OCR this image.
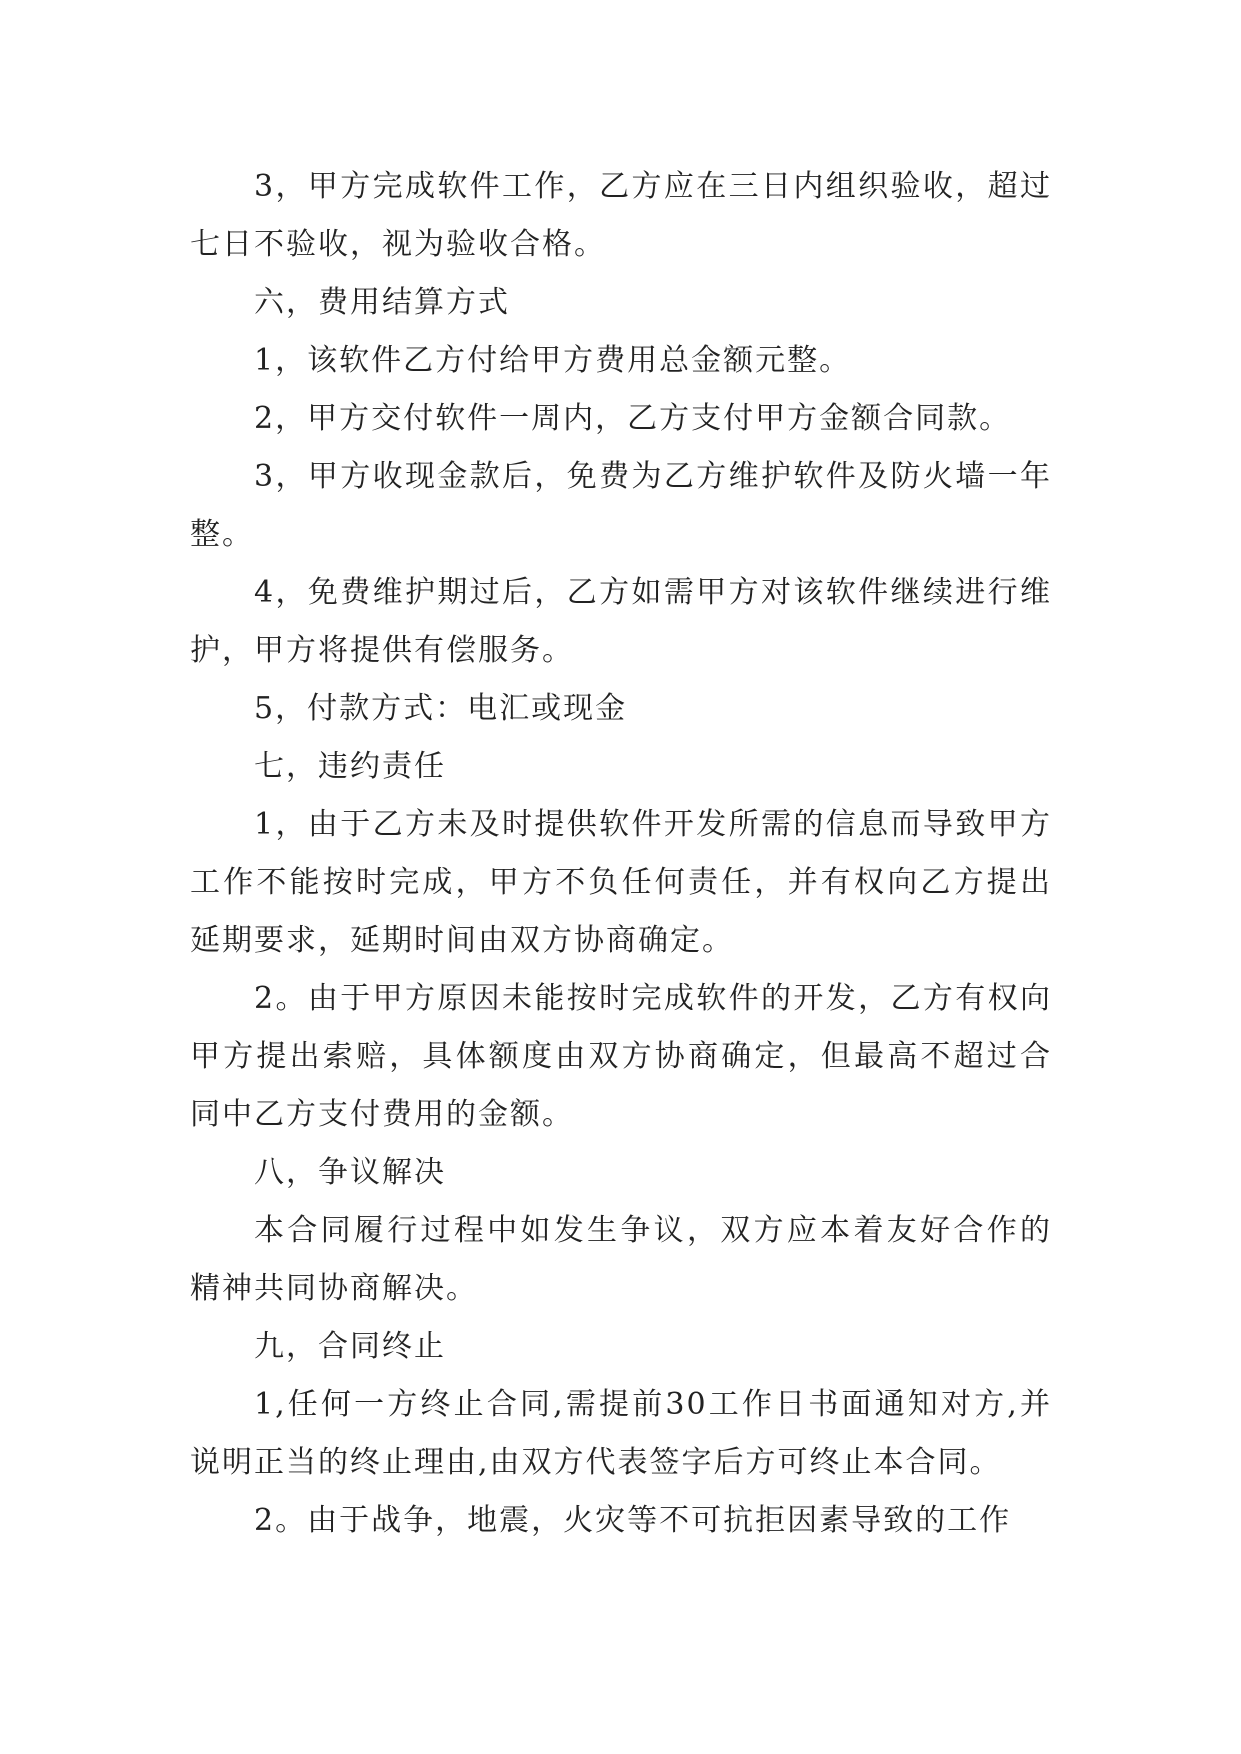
3，甲方完成软件工作，乙方应在三日内组织验收，超过七日不验收，视为验收合格。

六，费用结算方式

1，该软件乙方付给甲方费用总金额元整。

2，甲方交付软件一周内，乙方支付甲方金额合同款。

3，甲方收现金款后，免费为乙方维护软件及防火墙一年整。

4，免费维护期过后，乙方如需甲方对该软件继续进行维护，甲方将提供有偿服务。

5，付款方式：电汇或现金

七，违约责任

1，由于乙方未及时提供软件开发所需的信息而导致甲方工作不能按时完成，甲方不负任何责任，并有权向乙方提出延期要求，延期时间由双方协商确定。

2。由于甲方原因未能按时完成软件的开发，乙方有权向甲方提出索赔，具体额度由双方协商确定，但最高不超过合同中乙方支付费用的金额。

八，争议解决

本合同履行过程中如发生争议，双方应本着友好合作的精神共同协商解决。

九，合同终止

1,任何一方终止合同,需提前30工作日书面通知对方,并说明正当的终止理由,由双方代表签字后方可终止本合同。

2。由于战争，地震，火灾等不可抗拒因素导致的工作
